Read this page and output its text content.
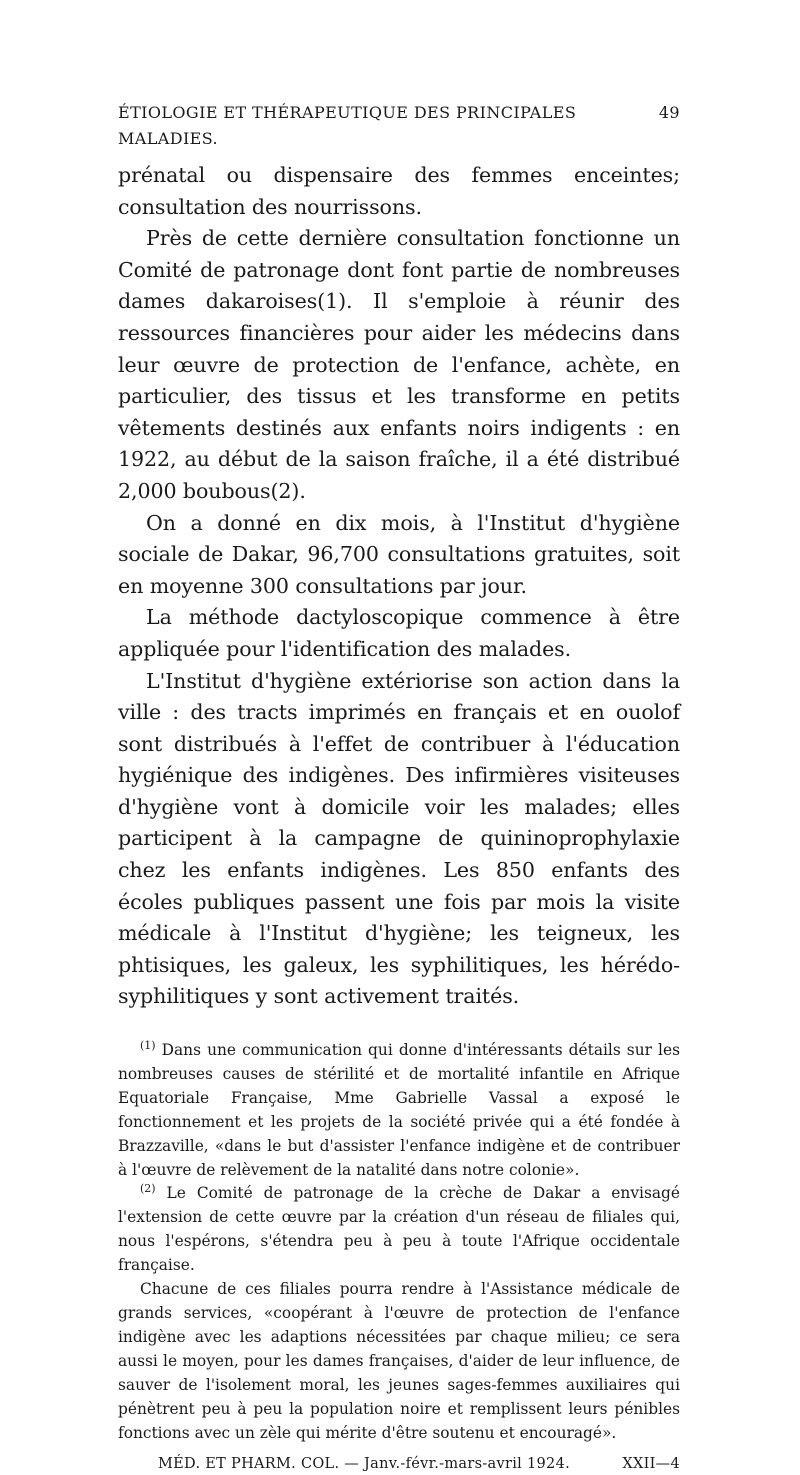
ÉTIOLOGIE ET THÉRAPEUTIQUE DES PRINCIPALES MALADIES.
49

prénatal ou dispensaire des femmes enceintes; consultation des nourrissons.

Près de cette dernière consultation fonctionne un Comité de patronage dont font partie de nombreuses dames dakaroises(1). Il s'emploie à réunir des ressources financières pour aider les médecins dans leur œuvre de protection de l'enfance, achète, en particulier, des tissus et les transforme en petits vêtements destinés aux enfants noirs indigents : en 1922, au début de la saison fraîche, il a été distribué 2,000 boubous(2).

On a donné en dix mois, à l'Institut d'hygiène sociale de Dakar, 96,700 consultations gratuites, soit en moyenne 300 consultations par jour.

La méthode dactyloscopique commence à être appliquée pour l'identification des malades.

L'Institut d'hygiène extériorise son action dans la ville : des tracts imprimés en français et en ouolof sont distribués à l'effet de contribuer à l'éducation hygiénique des indigènes. Des infirmières visiteuses d'hygiène vont à domicile voir les malades; elles participent à la campagne de quininoprophylaxie chez les enfants indigènes. Les 850 enfants des écoles publiques passent une fois par mois la visite médicale à l'Institut d'hygiène; les teigneux, les phtisiques, les galeux, les syphilitiques, les hérédo-syphilitiques y sont activement traités.

$^{(1)}$ Dans une communication qui donne d'intéressants détails sur les nombreuses causes de stérilité et de mortalité infantile en Afrique Equatoriale Française, Mme Gabrielle Vassal a exposé le fonctionnement et les projets de la société privée qui a été fondée à Brazzaville, «dans le but d'assister l'enfance indigène et de contribuer à l'œuvre de relèvement de la natalité dans notre colonie».

$^{(2)}$ Le Comité de patronage de la crèche de Dakar a envisagé l'extension de cette œuvre par la création d'un réseau de filiales qui, nous l'espérons, s'étendra peu à peu à toute l'Afrique occidentale française.

Chacune de ces filiales pourra rendre à l'Assistance médicale de grands services, «coopérant à l'œuvre de protection de l'enfance indigène avec les adaptions nécessitées par chaque milieu; ce sera aussi le moyen, pour les dames françaises, d'aider de leur influence, de sauver de l'isolement moral, les jeunes sages-femmes auxiliaires qui pénètrent peu à peu la population noire et remplissent leurs pénibles fonctions avec un zèle qui mérite d'être soutenu et encouragé».

MÉD. ET PHARM. COL. — Janv.-févr.-mars-avril 1924.	XXII—4
